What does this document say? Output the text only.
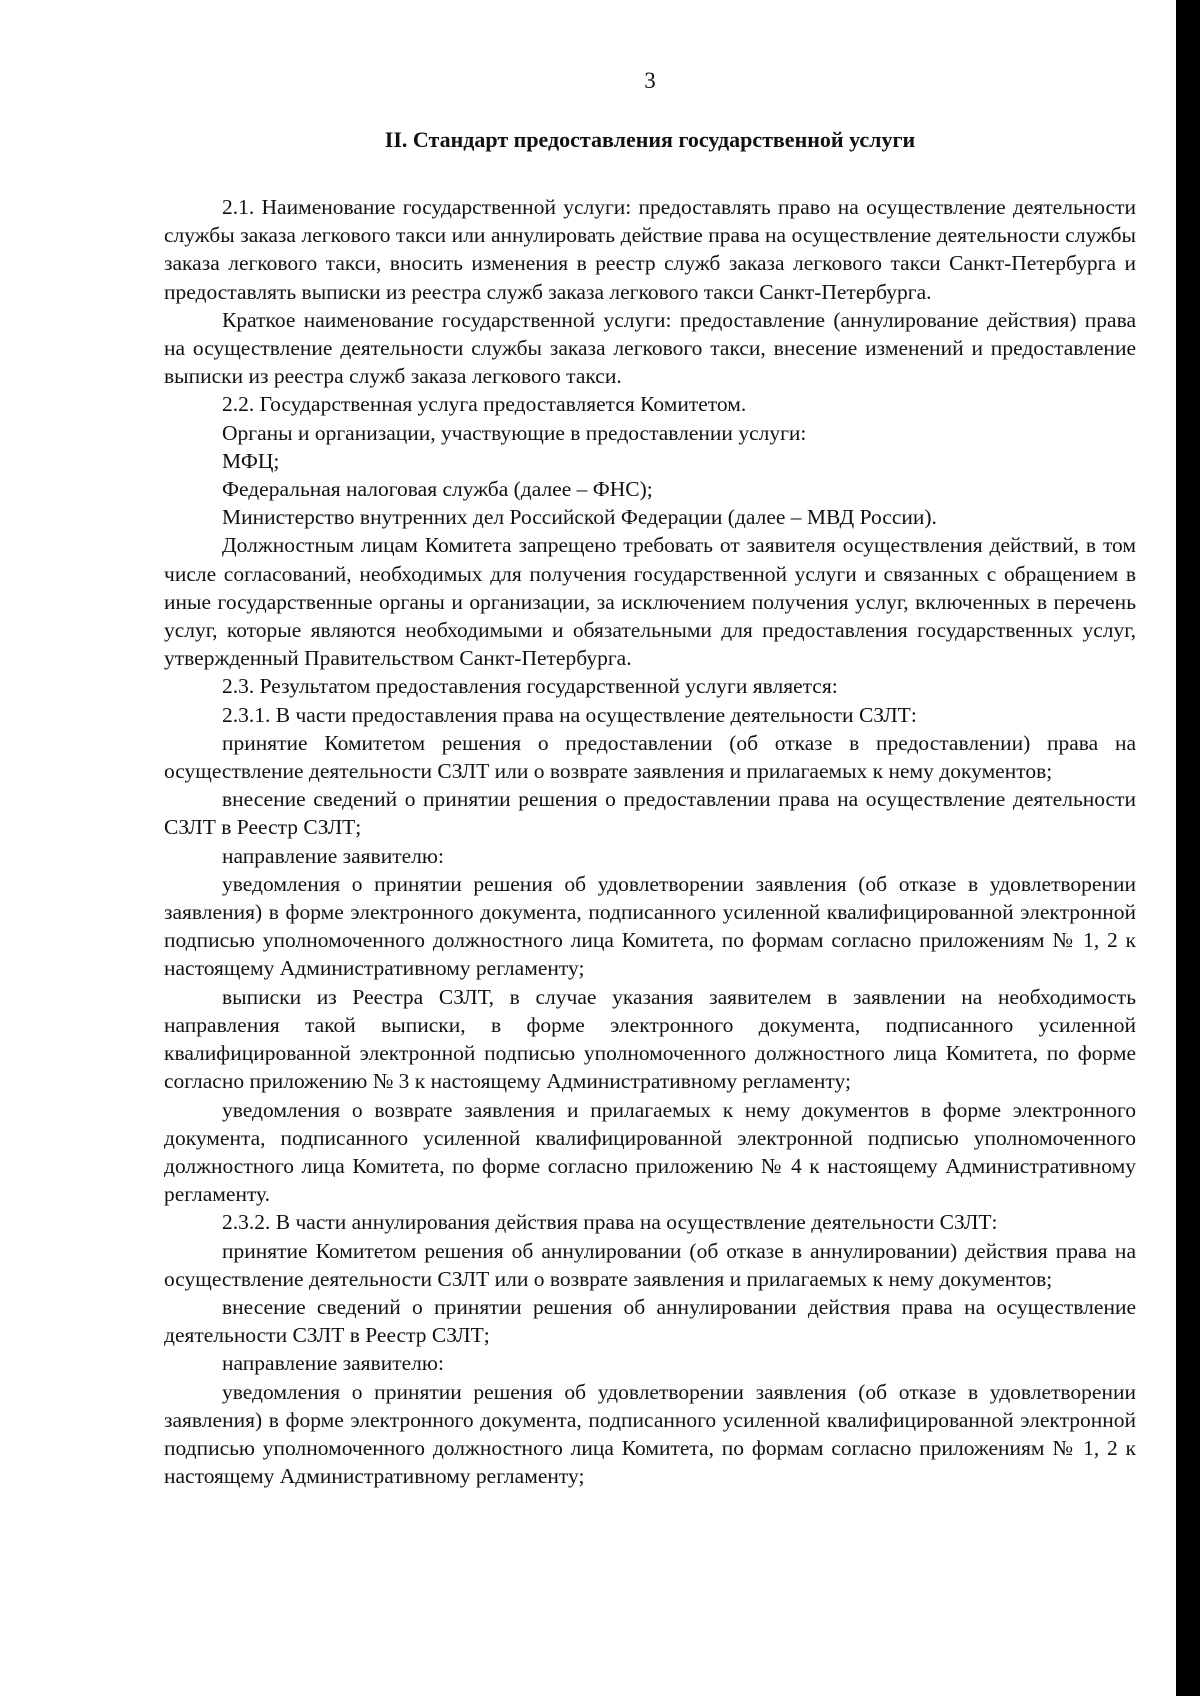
3
II. Стандарт предоставления государственной услуги

2.1. Наименование государственной услуги: предоставлять право на осуществление деятельности службы заказа легкового такси или аннулировать действие права на осуществление деятельности службы заказа легкового такси, вносить изменения в реестр служб заказа легкового такси Санкт-Петербурга и предоставлять выписки из реестра служб заказа легкового такси Санкт-Петербурга.

Краткое наименование государственной услуги: предоставление (аннулирование действия) права на осуществление деятельности службы заказа легкового такси, внесение изменений и предоставление выписки из реестра служб заказа легкового такси.

2.2. Государственная услуга предоставляется Комитетом.

Органы и организации, участвующие в предоставлении услуги:

МФЦ;

Федеральная налоговая служба (далее – ФНС);

Министерство внутренних дел Российской Федерации (далее – МВД России).

Должностным лицам Комитета запрещено требовать от заявителя осуществления действий, в том числе согласований, необходимых для получения государственной услуги и связанных с обращением в иные государственные органы и организации, за исключением получения услуг, включенных в перечень услуг, которые являются необходимыми и обязательными для предоставления государственных услуг, утвержденный Правительством Санкт-Петербурга.

2.3. Результатом предоставления государственной услуги является:

2.3.1. В части предоставления права на осуществление деятельности СЗЛТ:

принятие Комитетом решения о предоставлении (об отказе в предоставлении) права на осуществление деятельности СЗЛТ или о возврате заявления и прилагаемых к нему документов;

внесение сведений о принятии решения о предоставлении права на осуществление деятельности СЗЛТ в Реестр СЗЛТ;

направление заявителю:

уведомления о принятии решения об удовлетворении заявления (об отказе в удовлетворении заявления) в форме электронного документа, подписанного усиленной квалифицированной электронной подписью уполномоченного должностного лица Комитета, по формам согласно приложениям № 1, 2 к настоящему Административному регламенту;

выписки из Реестра СЗЛТ, в случае указания заявителем в заявлении на необходимость направления такой выписки, в форме электронного документа, подписанного усиленной квалифицированной электронной подписью уполномоченного должностного лица Комитета, по форме согласно приложению № 3 к настоящему Административному регламенту;

уведомления о возврате заявления и прилагаемых к нему документов в форме электронного документа, подписанного усиленной квалифицированной электронной подписью уполномоченного должностного лица Комитета, по форме согласно приложению № 4 к настоящему Административному регламенту.

2.3.2. В части аннулирования действия права на осуществление деятельности СЗЛТ:

принятие Комитетом решения об аннулировании (об отказе в аннулировании) действия права на осуществление деятельности СЗЛТ или о возврате заявления и прилагаемых к нему документов;

внесение сведений о принятии решения об аннулировании действия права на осуществление деятельности СЗЛТ в Реестр СЗЛТ;

направление заявителю:

уведомления о принятии решения об удовлетворении заявления (об отказе в удовлетворении заявления) в форме электронного документа, подписанного усиленной квалифицированной электронной подписью уполномоченного должностного лица Комитета, по формам согласно приложениям № 1, 2 к настоящему Административному регламенту;
